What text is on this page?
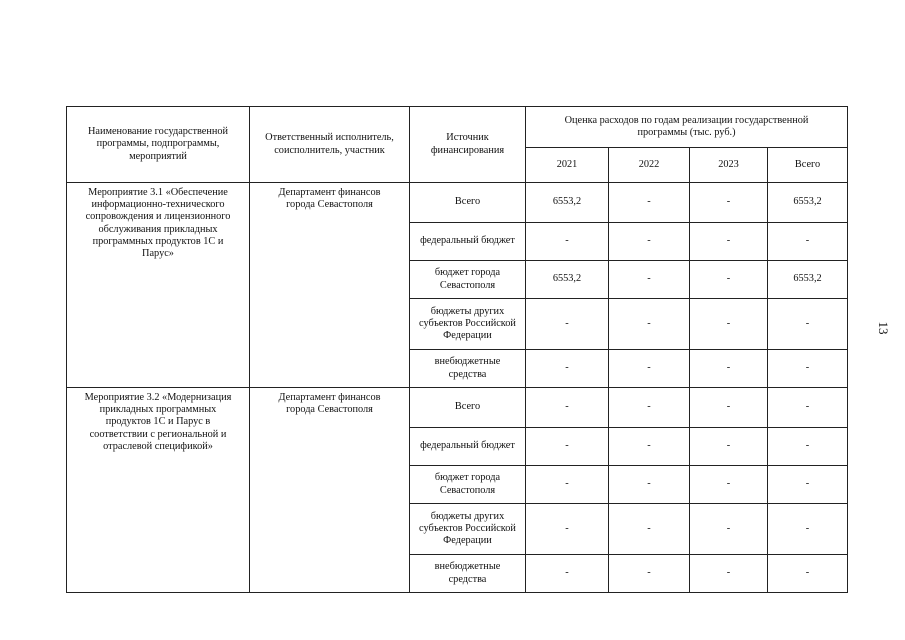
Наименование государственной программы, подпрограммы, мероприятий	Ответственный исполнитель, соисполнитель, участник	Источник финансирования	Оценка расходов по годам реализации государственной программы (тыс. руб.)			
			2021	2022	2023	Всего
Мероприятие 3.1 «Обеспечение информационно-технического сопровождения и лицензионного обслуживания прикладных программных продуктов 1С и Парус»	Департамент финансов города Севастополя	Всего	6553,2	-	-	6553,2
		федеральный бюджет	-	-	-	-
		бюджет города Севастополя	6553,2	-	-	6553,2
		бюджеты других субъектов Российской Федерации	-	-	-	-
		внебюджетные средства	-	-	-	-
Мероприятие 3.2 «Модернизация прикладных программных продуктов 1С и Парус в соответствии с региональной и отраслевой спецификой»	Департамент финансов города Севастополя	Всего	-	-	-	-
		федеральный бюджет	-	-	-	-
		бюджет города Севастополя	-	-	-	-
		бюджеты других субъектов Российской Федерации	-	-	-	-
		внебюджетные средства	-	-	-	-
13
